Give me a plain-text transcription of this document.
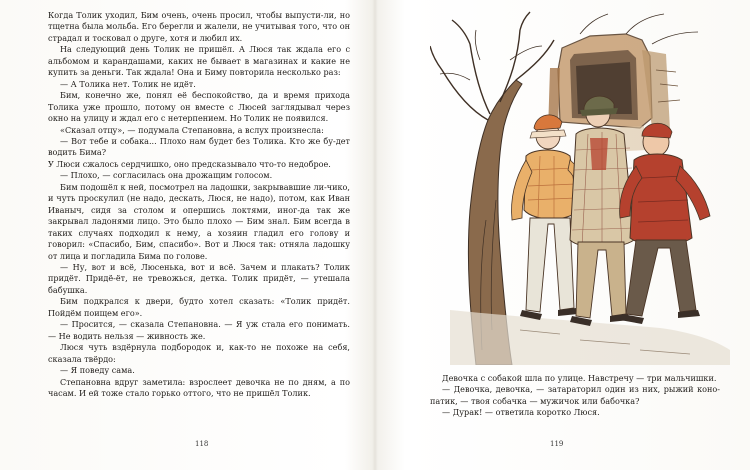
Когда Толик уходил, Бим очень, очень просил, чтобы выпусти-ли, но тщетна была мольба. Его берегли и жалели, не учитывая того, что он страдал и тосковал о друге, хотя и любил их.

На следующий день Толик не пришёл. А Люся так ждала его с альбомом и карандашами, каких не бывает в магазинах и какие не купить за деньги. Так ждала! Она и Биму повторила несколько раз:

— А Толика нет. Толик не идёт.

Бим, конечно же, понял её беспокойство, да и время прихода Толика уже прошло, потому он вместе с Люсей заглядывал через окно на улицу и ждал его с нетерпением. Но Толик не появился.

«Сказал отцу», — подумала Степановна, а вслух произнесла:

— Вот тебе и собака... Плохо нам будет без Толика. Кто же бу-дет водить Бима?

У Люси сжалось сердчишко, оно предсказывало что-то недоброе.

— Плохо, — согласилась она дрожащим голосом.

Бим подошёл к ней, посмотрел на ладошки, закрывавшие ли-чико, и чуть проскулил (не надо, дескать, Люся, не надо), потом, как Иван Иваныч, сидя за столом и опершись локтями, иног-да так же закрывал ладонями лицо. Это было плохо — Бим знал. Бим всегда в таких случаях подходил к нему, а хозяин гладил его голову и говорил: «Спасибо, Бим, спасибо». Вот и Люся так: отняла ладошку от лица и погладила Бима по голове.

— Ну, вот и всё, Люсенька, вот и всё. Зачем и плакать? Толик придёт. Придё-ёт, не тревожься, детка. Толик придёт, — утешала бабушка.

Бим подкрался к двери, будто хотел сказать: «Толик придёт. Пойдём поищем его».

— Просится, — сказала Степановна. — Я уж стала его понимать. — Не водить нельзя — живность же.

Люся чуть вздёрнула подбородок и, как-то не похоже на себя, сказала твёрдо:

— Я поведу сама.

Степановна вдруг заметила: взрослеет девочка не по дням, а по часам. И ей тоже стало горько оттого, что не пришёл Толик.

118

Девочка с собакой шла по улице. Навстречу — три мальчишки.

— Девочка, девочка, — затараторил один из них, рыжий коно-патик, — твоя собачка — мужичок или бабочка?

— Дурак! — ответила коротко Люся.

119
